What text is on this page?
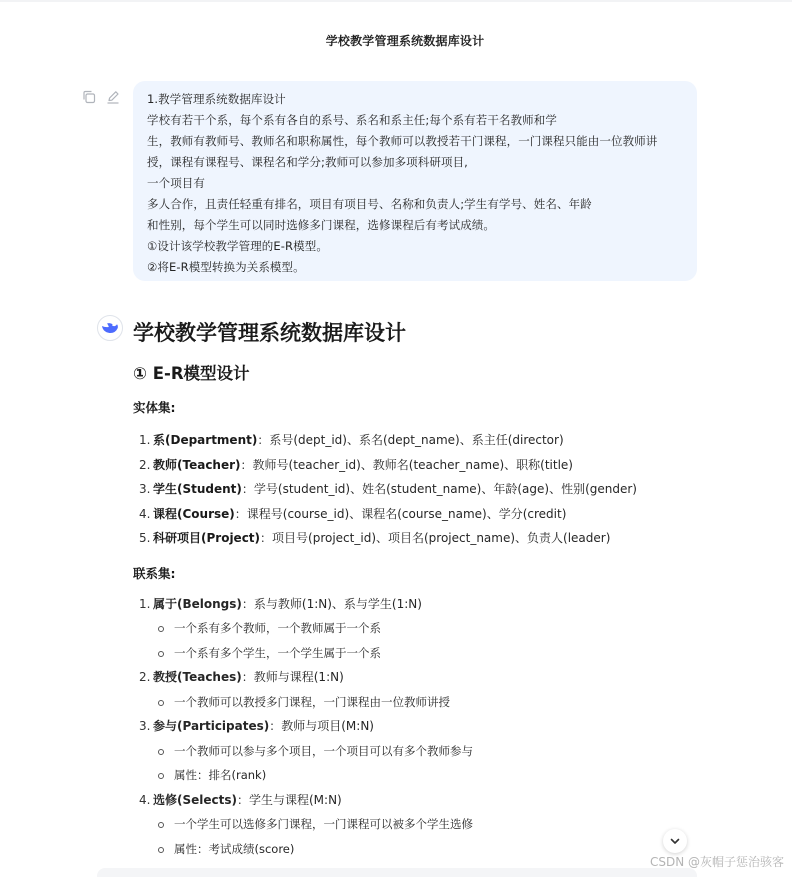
学校教学管理系统数据库设计
1.教学管理系统数据库设计
学校有若干个系，每个系有各自的系号、系名和系主任;每个系有若干名教师和学
生，教师有教师号、教师名和职称属性，每个教师可以教授若干门课程，一门课程只能由一位教师讲
授，课程有课程号、课程名和学分;教师可以参加多项科研项目,
一个项目有
多人合作，且责任轻重有排名，项目有项目号、名称和负责人;学生有学号、姓名、年龄
和性别，每个学生可以同时选修多门课程，选修课程后有考试成绩。
①设计该学校教学管理的E-R模型。
②将E-R模型转换为关系模型。
学校教学管理系统数据库设计
① E-R模型设计
实体集:
1. 系(Department)：系号(dept_id)、系名(dept_name)、系主任(director)
2. 教师(Teacher)：教师号(teacher_id)、教师名(teacher_name)、职称(title)
3. 学生(Student)：学号(student_id)、姓名(student_name)、年龄(age)、性别(gender)
4. 课程(Course)：课程号(course_id)、课程名(course_name)、学分(credit)
5. 科研项目(Project)：项目号(project_id)、项目名(project_name)、负责人(leader)
联系集:
1. 属于(Belongs)：系与教师(1:N)、系与学生(1:N)
一个系有多个教师，一个教师属于一个系
一个系有多个学生，一个学生属于一个系
2. 教授(Teaches)：教师与课程(1:N)
一个教师可以教授多门课程，一门课程由一位教师讲授
3. 参与(Participates)：教师与项目(M:N)
一个教师可以参与多个项目，一个项目可以有多个教师参与
属性：排名(rank)
4. 选修(Selects)：学生与课程(M:N)
一个学生可以选修多门课程，一门课程可以被多个学生选修
属性：考试成绩(score)
CSDN @灰帽子惩治骇客
